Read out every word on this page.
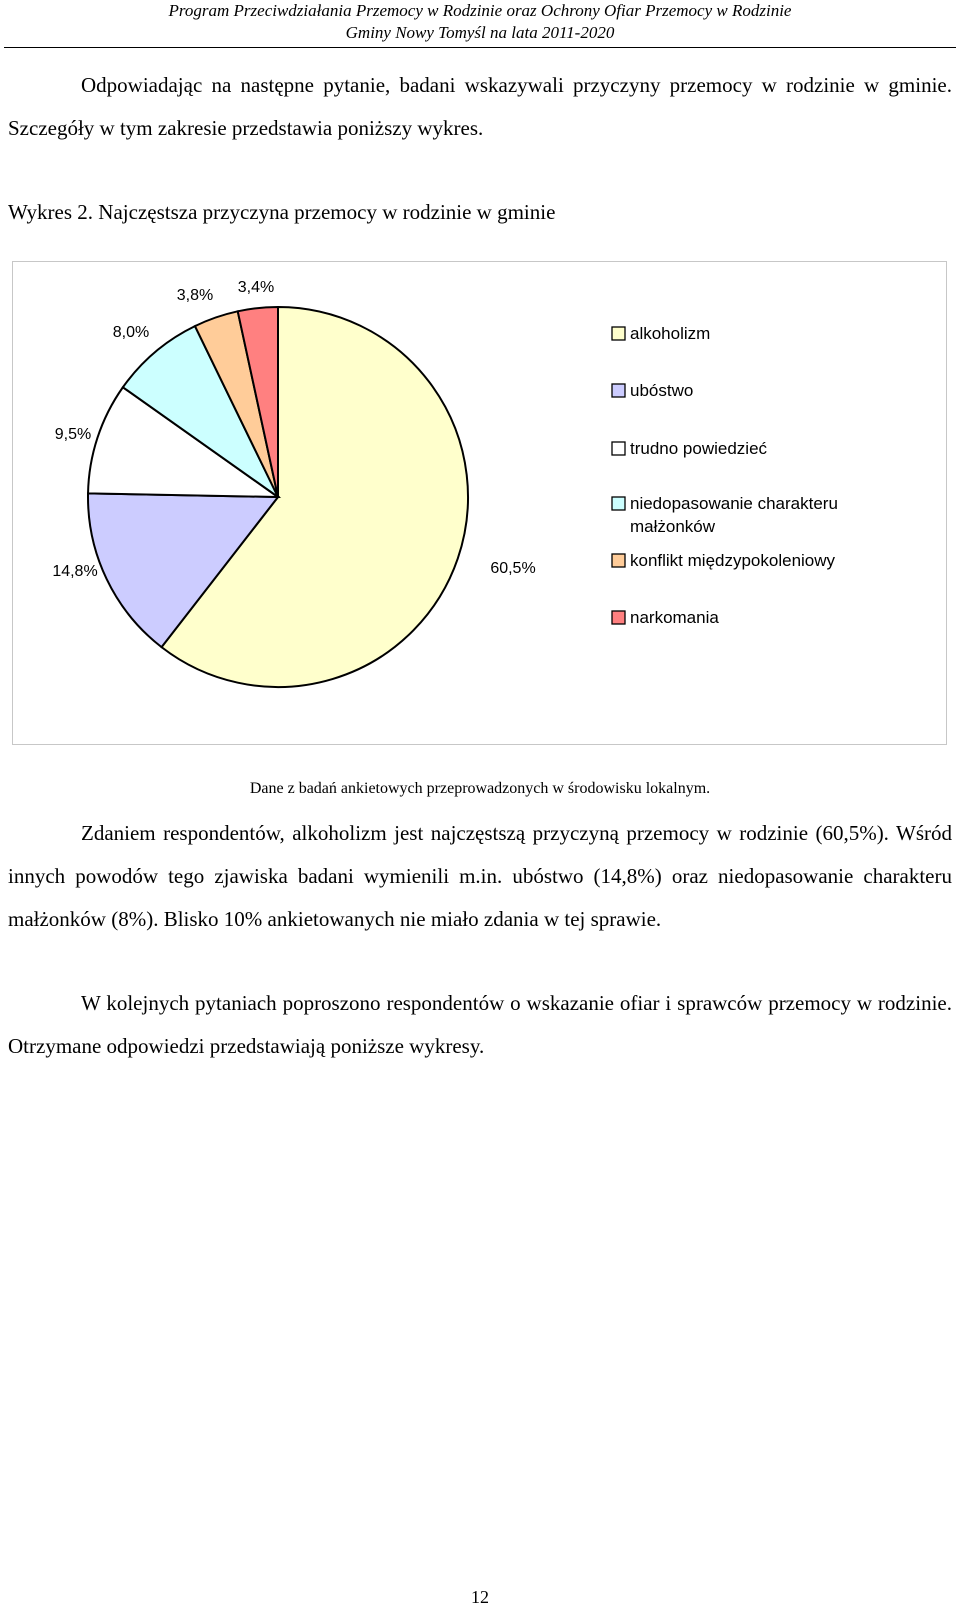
Program Przeciwdziałania Przemocy w Rodzinie oraz Ochrony Ofiar Przemocy w Rodzinie
Gminy Nowy Tomyśl na lata 2011-2020

Odpowiadając na następne pytanie, badani wskazywali przyczyny przemocy w rodzinie w gminie. Szczegóły w tym zakresie przedstawia poniższy wykres.

Wykres 2. Najczęstsza przyczyna przemocy w rodzinie w gminie
60,5%
14,8%
9,5%
8,0%
3,8% 3,4%
alkoholizm
ubóstwo
trudno powiedzieć
niedopasowanie charakteru małżonków
konflikt międzypokoleniowy
narkomania
Dane z badań ankietowych przeprowadzonych w środowisku lokalnym.

Zdaniem respondentów, alkoholizm jest najczęstszą przyczyną przemocy w rodzinie (60,5%). Wśród innych powodów tego zjawiska badani wymienili m.in. ubóstwo (14,8%) oraz niedopasowanie charakteru małżonków (8%). Blisko 10% ankietowanych nie miało zdania w tej sprawie.

W kolejnych pytaniach poproszono respondentów o wskazanie ofiar i sprawców przemocy w rodzinie. Otrzymane odpowiedzi przedstawiają poniższe wykresy.

12
